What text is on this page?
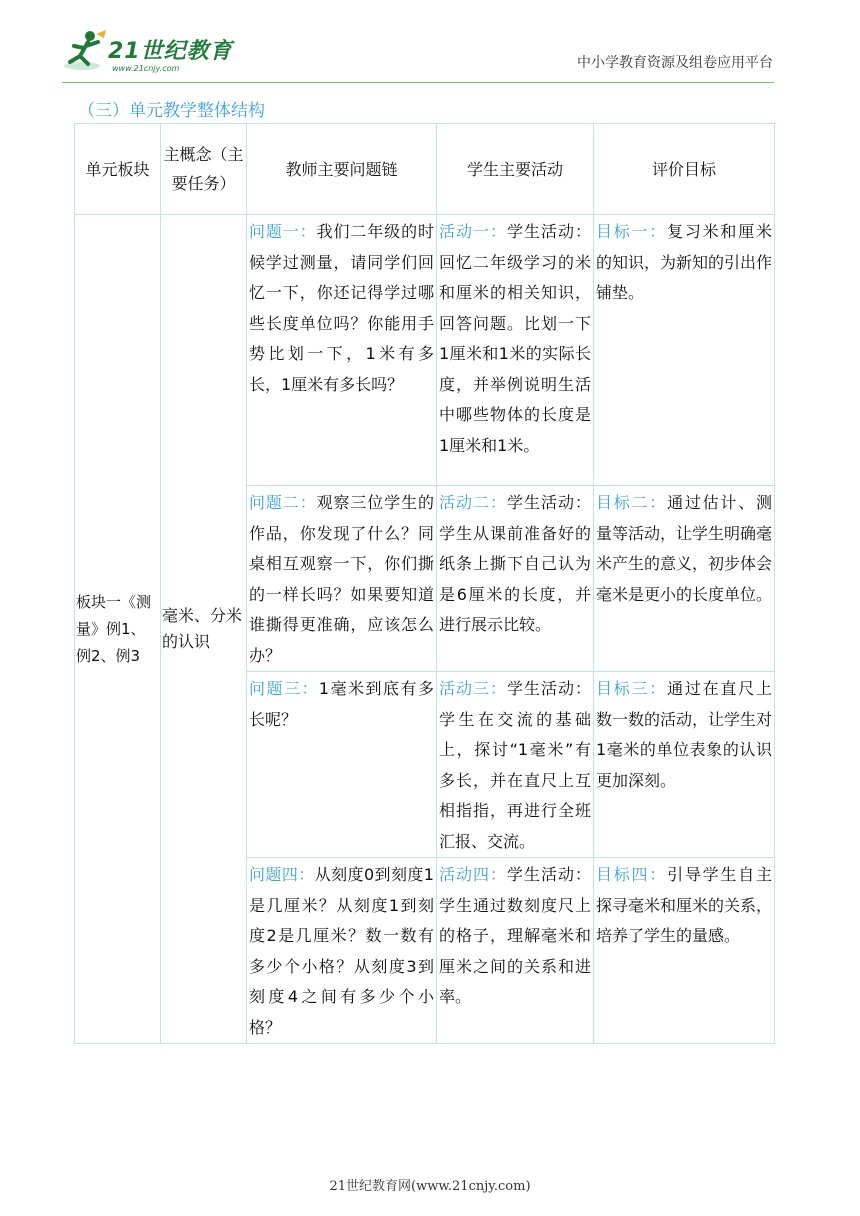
21世纪教育
www.21cnjy.com	中小学教育资源及组卷应用平台
（三）单元教学整体结构
单元板块	主概念（主要任务）	教师主要问题链	学生主要活动	评价目标
板块一《测量》例1、例2、例3	毫米、分米的认识	问题一：我们二年级的时候学过测量，请同学们回忆一下，你还记得学过哪些长度单位吗？你能用手势比划一下，1米有多长，1厘米有多长吗？	活动一：学生活动：回忆二年级学习的米和厘米的相关知识，回答问题。比划一下1厘米和1米的实际长度，并举例说明生活中哪些物体的长度是1厘米和1米。	目标一：复习米和厘米的知识，为新知的引出作铺垫。
		问题二：观察三位学生的作品，你发现了什么？同桌相互观察一下，你们撕的一样长吗？如果要知道谁撕得更准确，应该怎么办？	活动二：学生活动：学生从课前准备好的纸条上撕下自己认为是6厘米的长度，并进行展示比较。	目标二：通过估计、测量等活动，让学生明确毫米产生的意义，初步体会毫米是更小的长度单位。
		问题三：1毫米到底有多长呢？	活动三：学生活动：学生在交流的基础上，探讨“1毫米”有多长，并在直尺上互相指指，再进行全班汇报、交流。	目标三：通过在直尺上数一数的活动，让学生对1毫米的单位表象的认识更加深刻。
		问题四：从刻度0到刻度1是几厘米？从刻度1到刻度2是几厘米？数一数有多少个小格？从刻度3到刻度4之间有多少个小格？	活动四：学生活动：学生通过数刻度尺上的格子，理解毫米和厘米之间的关系和进率。	目标四：引导学生自主探寻毫米和厘米的关系，培养了学生的量感。
21世纪教育网(www.21cnjy.com)
